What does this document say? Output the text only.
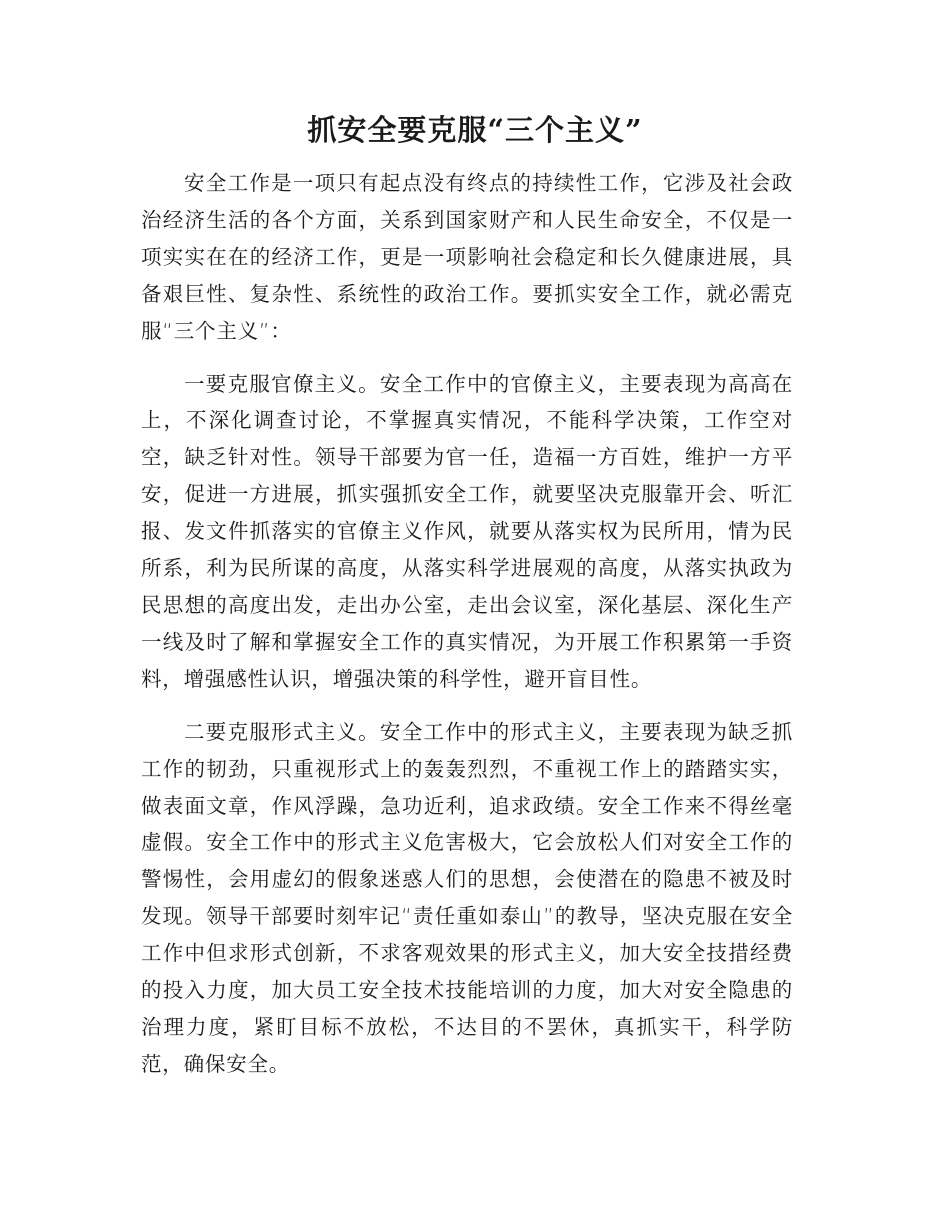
抓安全要克服“三个主义”

安全工作是一项只有起点没有终点的持续性工作，它涉及社会政治经济生活的各个方面，关系到国家财产和人民生命安全，不仅是一项实实在在的经济工作，更是一项影响社会稳定和长久健康进展，具备艰巨性、复杂性、系统性的政治工作。要抓实安全工作，就必需克服“三个主义”：

一要克服官僚主义。安全工作中的官僚主义，主要表现为高高在上，不深化调查讨论，不掌握真实情况，不能科学决策，工作空对空，缺乏针对性。领导干部要为官一任，造福一方百姓，维护一方平安，促进一方进展，抓实强抓安全工作，就要坚决克服靠开会、听汇报、发文件抓落实的官僚主义作风，就要从落实权为民所用，情为民所系，利为民所谋的高度，从落实科学进展观的高度，从落实执政为民思想的高度出发，走出办公室，走出会议室，深化基层、深化生产一线及时了解和掌握安全工作的真实情况，为开展工作积累第一手资料，增强感性认识，增强决策的科学性，避开盲目性。

二要克服形式主义。安全工作中的形式主义，主要表现为缺乏抓工作的韧劲，只重视形式上的轰轰烈烈，不重视工作上的踏踏实实，做表面文章，作风浮躁，急功近利，追求政绩。安全工作来不得丝毫虚假。安全工作中的形式主义危害极大，它会放松人们对安全工作的警惕性，会用虚幻的假象迷惑人们的思想，会使潜在的隐患不被及时发现。领导干部要时刻牢记“责任重如泰山”的教导，坚决克服在安全工作中但求形式创新，不求客观效果的形式主义，加大安全技措经费的投入力度，加大员工安全技术技能培训的力度，加大对安全隐患的治理力度，紧盯目标不放松，不达目的不罢休，真抓实干，科学防范，确保安全。
